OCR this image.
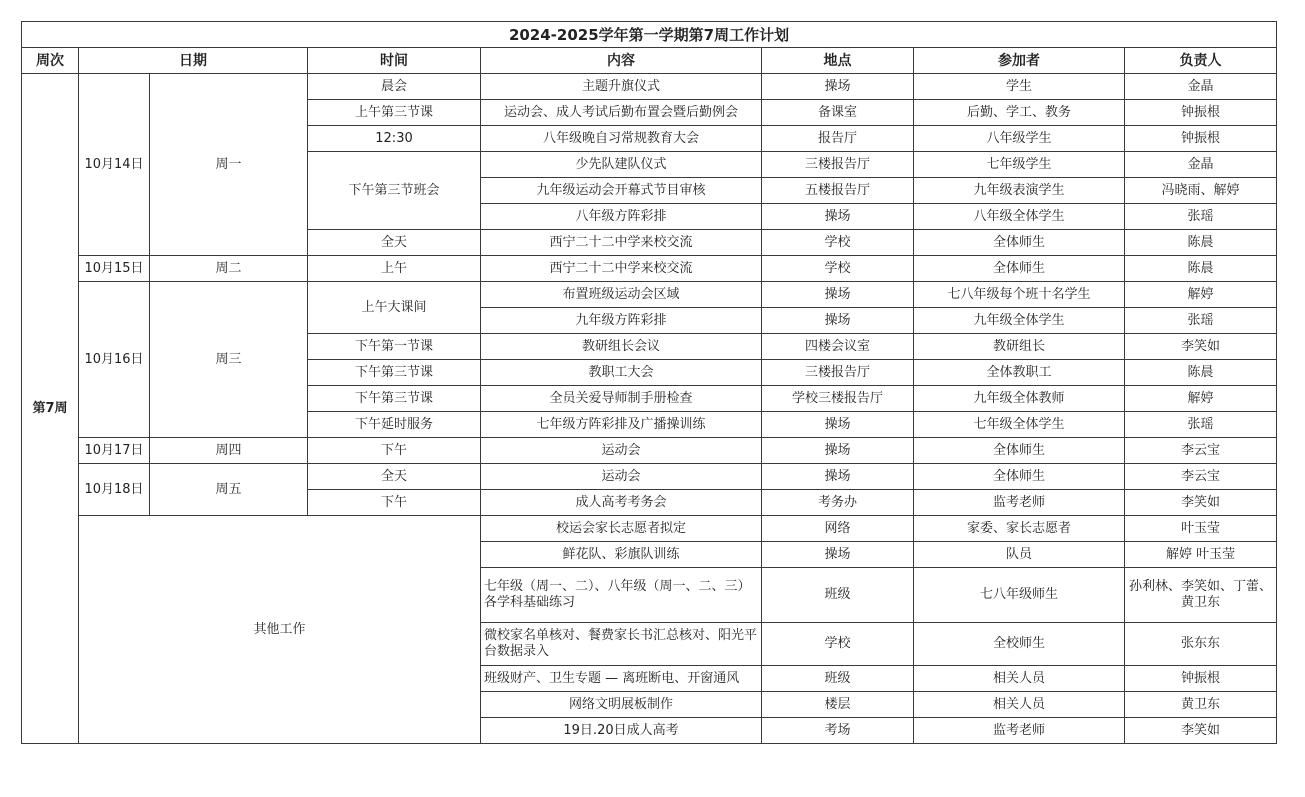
2024-2025学年第一学期第7周工作计划							
周次	日期		时间	内容	地点	参加者	负责人
第7周	10月14日	周一	晨会	主题升旗仪式	操场	学生	金晶
			上午第三节课	运动会、成人考试后勤布置会暨后勤例会	备课室	后勤、学工、教务	钟振根
			12:30	八年级晚自习常规教育大会	报告厅	八年级学生	钟振根
			下午第三节班会	少先队建队仪式	三楼报告厅	七年级学生	金晶
				九年级运动会开幕式节目审核	五楼报告厅	九年级表演学生	冯晓雨、解婷
				八年级方阵彩排	操场	八年级全体学生	张瑶
			全天	西宁二十二中学来校交流	学校	全体师生	陈晨
	10月15日	周二	上午	西宁二十二中学来校交流	学校	全体师生	陈晨
	10月16日	周三	上午大课间	布置班级运动会区域	操场	七八年级每个班十名学生	解婷
				九年级方阵彩排	操场	九年级全体学生	张瑶
			下午第一节课	教研组长会议	四楼会议室	教研组长	李笑如
			下午第三节课	教职工大会	三楼报告厅	全体教职工	陈晨
			下午第三节课	全员关爱导师制手册检查	学校三楼报告厅	九年级全体教师	解婷
			下午延时服务	七年级方阵彩排及广播操训练	操场	七年级全体学生	张瑶
	10月17日	周四	下午	运动会	操场	全体师生	李云宝
	10月18日	周五	全天	运动会	操场	全体师生	李云宝
			下午	成人高考考务会	考务办	监考老师	李笑如
	其他工作			校运会家长志愿者拟定	网络	家委、家长志愿者	叶玉莹
				鲜花队、彩旗队训练	操场	队员	解婷 叶玉莹
				七年级（周一、二）、八年级（周一、二、三）各学科基础练习	班级	七八年级师生	孙利林、李笑如、丁蕾、黄卫东
				微校家名单核对、餐费家长书汇总核对、阳光平台数据录入	学校	全校师生	张东东
				班级财产、卫生专题 — 离班断电、开窗通风	班级	相关人员	钟振根
				网络文明展板制作	楼层	相关人员	黄卫东
				19日.20日成人高考	考场	监考老师	李笑如
